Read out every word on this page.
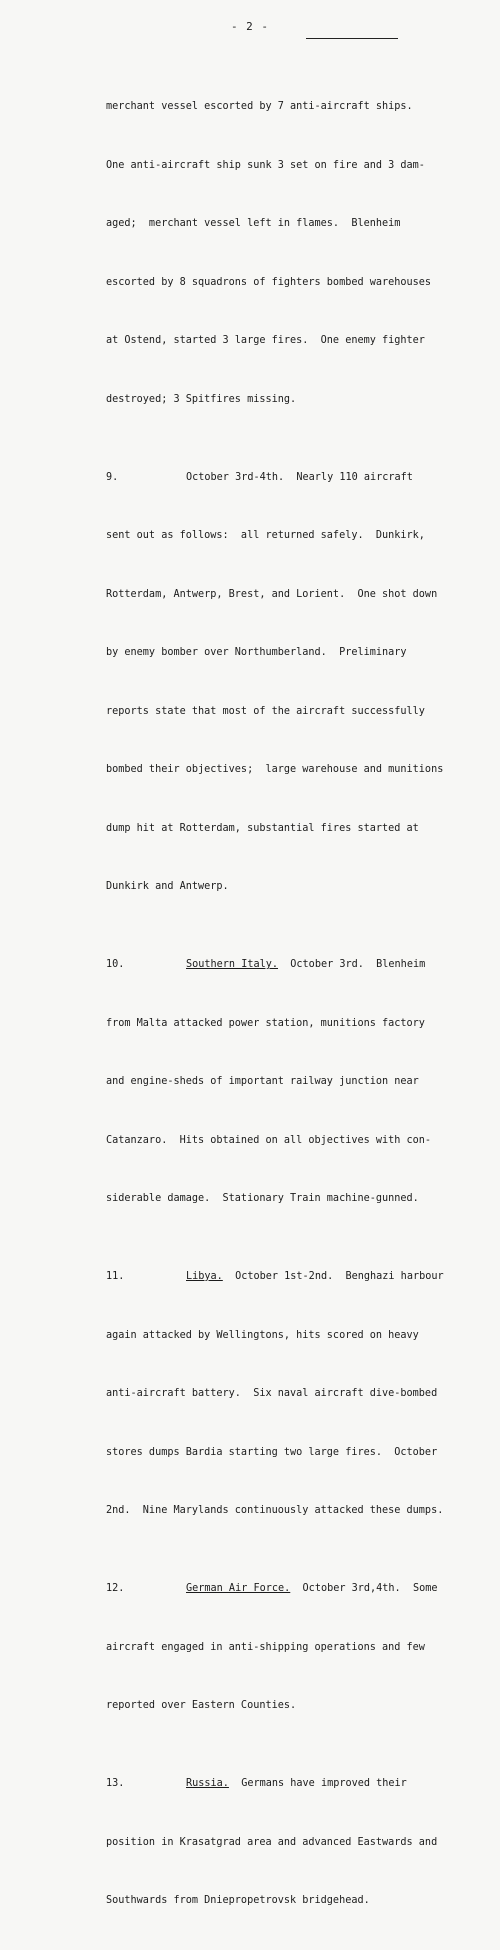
- 2 -

merchant vessel escorted by 7 anti-aircraft ships.

One anti-aircraft ship sunk 3 set on fire and 3 dam-

aged;  merchant vessel left in flames.  Blenheim

escorted by 8 squadrons of fighters bombed warehouses

at Ostend, started 3 large fires.  One enemy fighter

destroyed; 3 Spitfires missing.

9.	October 3rd-4th.  Nearly 110 aircraft

sent out as follows:  all returned safely.  Dunkirk,

Rotterdam, Antwerp, Brest, and Lorient.  One shot down

by enemy bomber over Northumberland.  Preliminary

reports state that most of the aircraft successfully

bombed their objectives;  large warehouse and munitions

dump hit at Rotterdam, substantial fires started at

Dunkirk and Antwerp.

10.	Southern Italy.  October 3rd.  Blenheim

from Malta attacked power station, munitions factory

and engine-sheds of important railway junction near

Catanzaro.  Hits obtained on all objectives with con-

siderable damage.  Stationary Train machine-gunned.

11.	Libya.  October 1st-2nd.  Benghazi harbour

again attacked by Wellingtons, hits scored on heavy

anti-aircraft battery.  Six naval aircraft dive-bombed

stores dumps Bardia starting two large fires.  October

2nd.  Nine Marylands continuously attacked these dumps.

12.	German Air Force.  October 3rd,4th.  Some

aircraft engaged in anti-shipping operations and few

reported over Eastern Counties.

13.	Russia.  Germans have improved their

position in Krasatgrad area and advanced Eastwards and

Southwards from Dniepropetrovsk bridgehead.
